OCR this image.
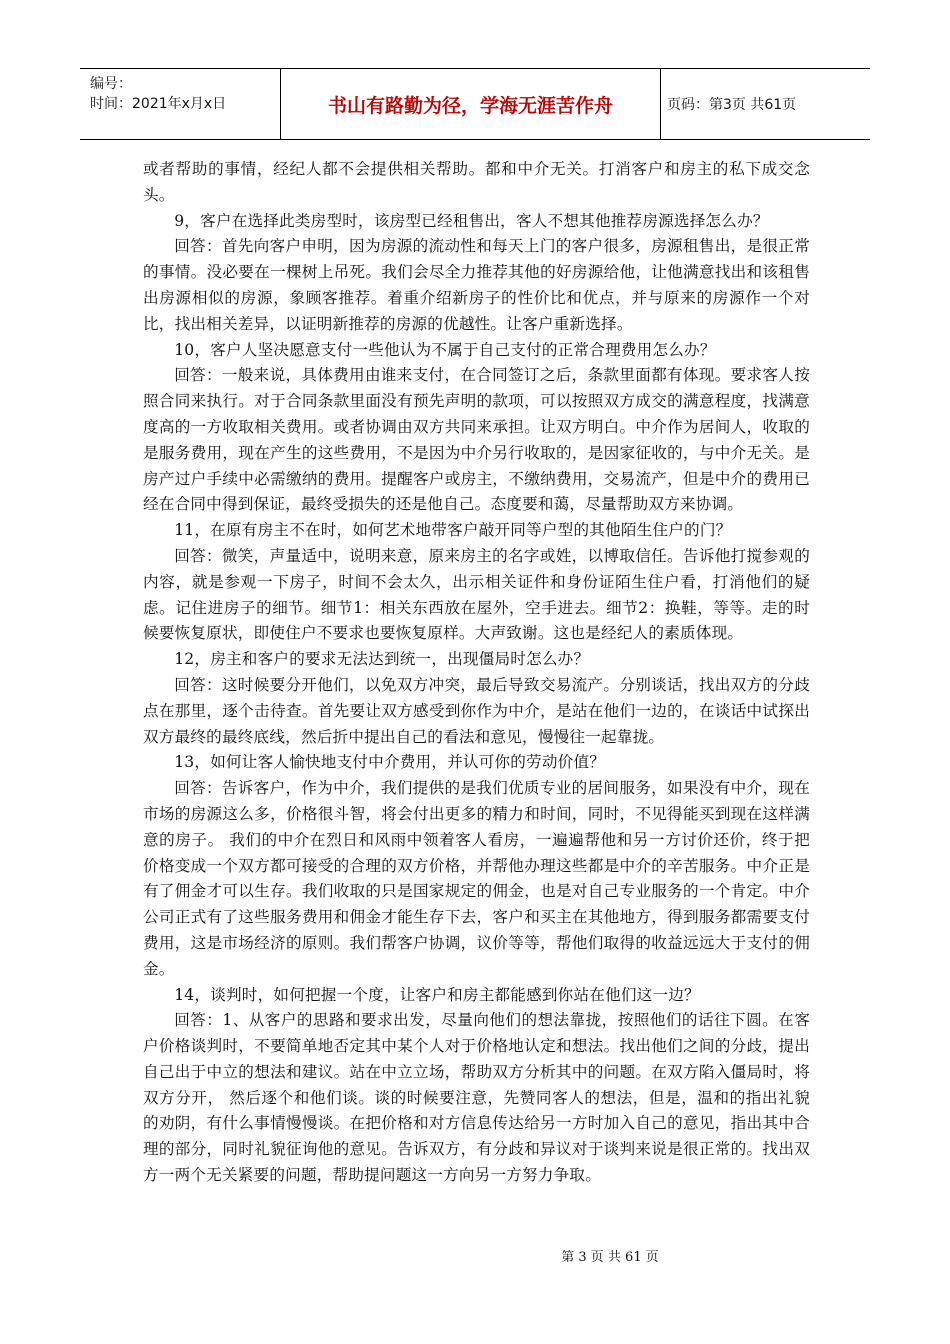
编号：
时间：2021年x月x日	书山有路勤为径，学海无涯苦作舟	页码：第3页 共61页

或者帮助的事情，经纪人都不会提供相关帮助。都和中介无关。打消客户和房主的私下成交念头。

9，客户在选择此类房型时，该房型已经租售出，客人不想其他推荐房源选择怎么办？

回答：首先向客户申明，因为房源的流动性和每天上门的客户很多，房源租售出，是很正常的事情。没必要在一棵树上吊死。我们会尽全力推荐其他的好房源给他，让他满意找出和该租售出房源相似的房源，象顾客推荐。着重介绍新房子的性价比和优点，并与原来的房源作一个对比，找出相关差异，以证明新推荐的房源的优越性。让客户重新选择。

10，客户人坚决愿意支付一些他认为不属于自己支付的正常合理费用怎么办？

回答：一般来说，具体费用由谁来支付，在合同签订之后，条款里面都有体现。要求客人按照合同来执行。对于合同条款里面没有预先声明的款项，可以按照双方成交的满意程度，找满意度高的一方收取相关费用。或者协调由双方共同来承担。让双方明白。中介作为居间人，收取的是服务费用，现在产生的这些费用，不是因为中介另行收取的，是因家征收的，与中介无关。是房产过户手续中必需缴纳的费用。提醒客户或房主，不缴纳费用，交易流产，但是中介的费用已经在合同中得到保证，最终受损失的还是他自己。态度要和蔼，尽量帮助双方来协调。

11，在原有房主不在时，如何艺术地带客户敲开同等户型的其他陌生住户的门？

回答：微笑，声量适中，说明来意，原来房主的名字或姓，以博取信任。告诉他打搅参观的内容，就是参观一下房子，时间不会太久，出示相关证件和身份证陌生住户看，打消他们的疑虑。记住进房子的细节。细节1：相关东西放在屋外，空手进去。细节2：换鞋，等等。走的时候要恢复原状，即使住户不要求也要恢复原样。大声致谢。这也是经纪人的素质体现。

12，房主和客户的要求无法达到统一，出现僵局时怎么办？

回答：这时候要分开他们，以免双方冲突，最后导致交易流产。分别谈话，找出双方的分歧点在那里，逐个击待查。首先要让双方感受到你作为中介，是站在他们一边的，在谈话中试探出双方最终的最终底线，然后折中提出自己的看法和意见，慢慢往一起靠拢。

13，如何让客人愉快地支付中介费用，并认可你的劳动价值？

回答：告诉客户，作为中介，我们提供的是我们优质专业的居间服务，如果没有中介，现在市场的房源这么多，价格很斗智，将会付出更多的精力和时间，同时，不见得能买到现在这样满意的房子。 我们的中介在烈日和风雨中领着客人看房，一遍遍帮他和另一方讨价还价，终于把价格变成一个双方都可接受的合理的双方价格，并帮他办理这些都是中介的辛苦服务。中介正是有了佣金才可以生存。我们收取的只是国家规定的佣金，也是对自己专业服务的一个肯定。中介公司正式有了这些服务费用和佣金才能生存下去，客户和买主在其他地方，得到服务都需要支付费用，这是市场经济的原则。我们帮客户协调，议价等等，帮他们取得的收益远远大于支付的佣金。

14，谈判时，如何把握一个度，让客户和房主都能感到你站在他们这一边？

回答：1、从客户的思路和要求出发，尽量向他们的想法靠拢，按照他们的话往下圆。在客户价格谈判时，不要简单地否定其中某个人对于价格地认定和想法。找出他们之间的分歧，提出自己出于中立的想法和建议。站在中立立场，帮助双方分析其中的问题。在双方陷入僵局时，将双方分开， 然后逐个和他们谈。谈的时候要注意，先赞同客人的想法，但是，温和的指出礼貌的劝阴，有什么事情慢慢谈。在把价格和对方信息传达给另一方时加入自己的意见，指出其中合理的部分，同时礼貌征询他的意见。告诉双方，有分歧和异议对于谈判来说是很正常的。找出双方一两个无关紧要的问题，帮助提问题这一方向另一方努力争取。

第 3 页 共 61 页
